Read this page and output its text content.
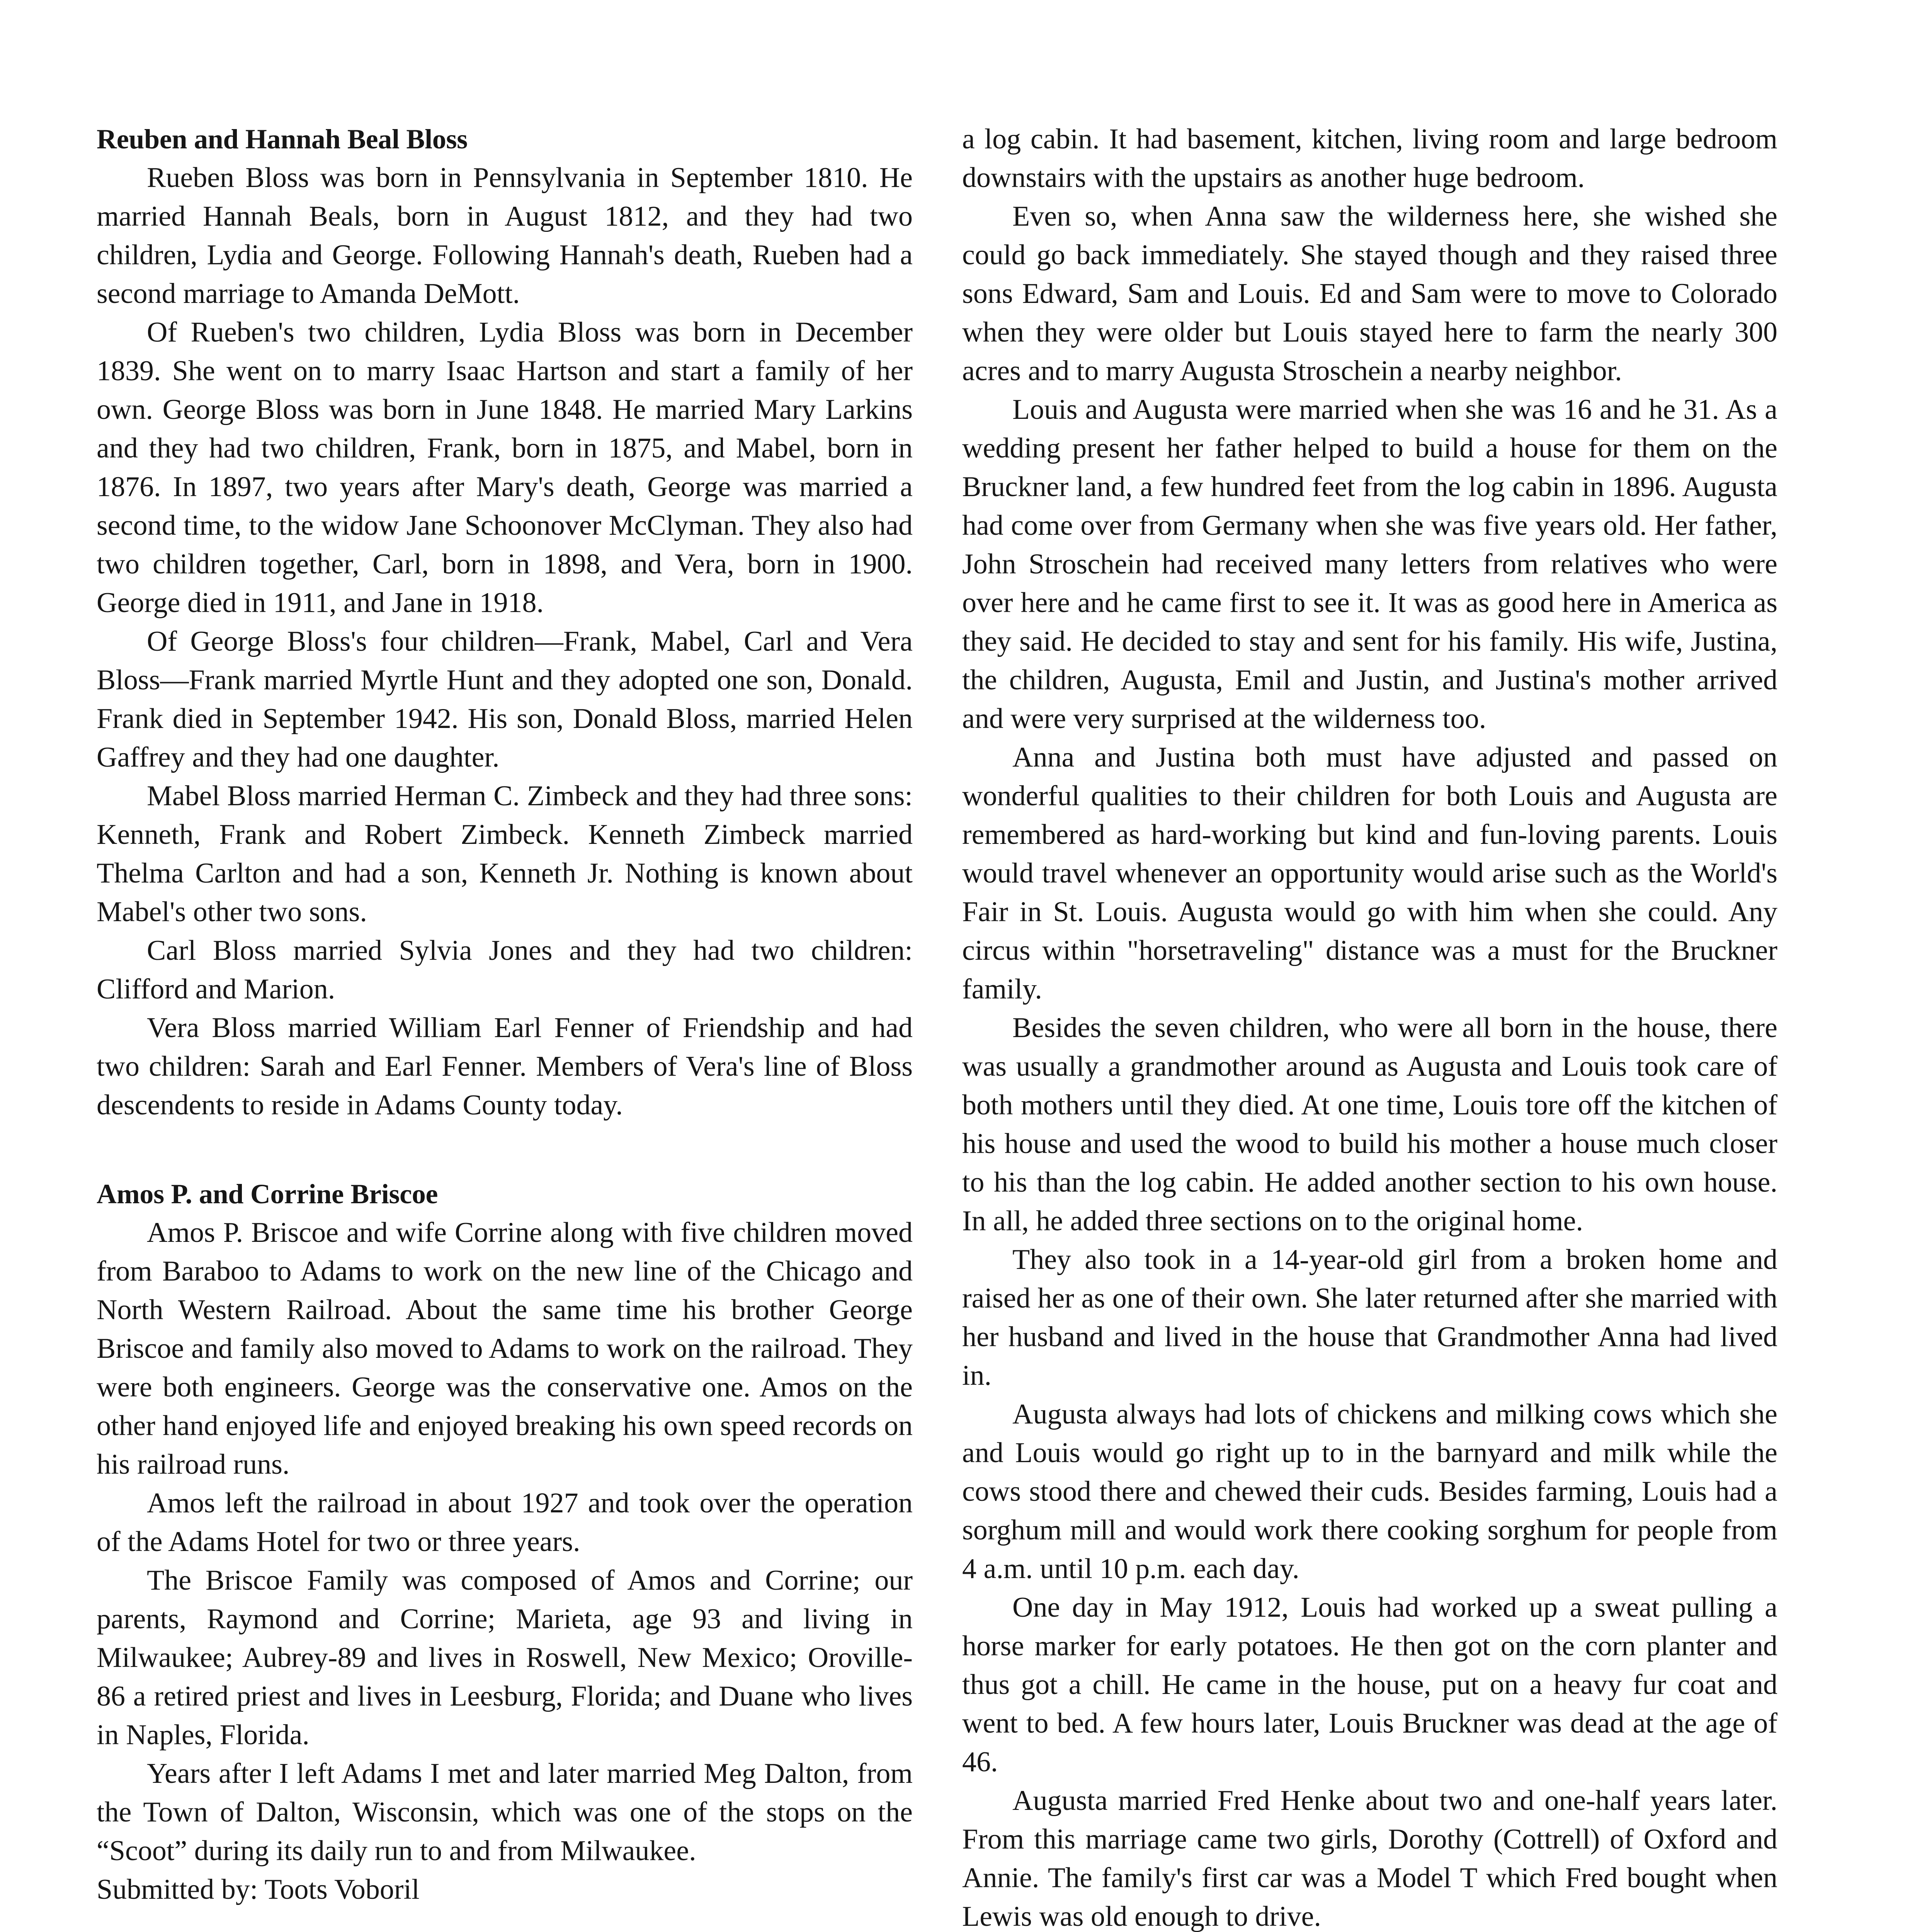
Reuben and Hannah Beal Bloss

Rueben Bloss was born in Pennsylvania in September 1810. He married Hannah Beals, born in August 1812, and they had two children, Lydia and George. Following Hannah's death, Rueben had a second marriage to Amanda DeMott.

Of Rueben's two children, Lydia Bloss was born in December 1839. She went on to marry Isaac Hartson and start a family of her own. George Bloss was born in June 1848. He married Mary Larkins and they had two children, Frank, born in 1875, and Mabel, born in 1876. In 1897, two years after Mary's death, George was married a second time, to the widow Jane Schoonover McClyman. They also had two children together, Carl, born in 1898, and Vera, born in 1900. George died in 1911, and Jane in 1918.

Of George Bloss's four children—Frank, Mabel, Carl and Vera Bloss—Frank married Myrtle Hunt and they adopted one son, Donald. Frank died in September 1942. His son, Donald Bloss, married Helen Gaffrey and they had one daughter.

Mabel Bloss married Herman C. Zimbeck and they had three sons: Kenneth, Frank and Robert Zimbeck. Kenneth Zimbeck married Thelma Carlton and had a son, Kenneth Jr. Nothing is known about Mabel's other two sons.

Carl Bloss married Sylvia Jones and they had two children: Clifford and Marion.

Vera Bloss married William Earl Fenner of Friendship and had two children: Sarah and Earl Fenner. Members of Vera's line of Bloss descendents to reside in Adams County today.

Amos P. and Corrine Briscoe

Amos P. Briscoe and wife Corrine along with five children moved from Baraboo to Adams to work on the new line of the Chicago and North Western Railroad. About the same time his brother George Briscoe and family also moved to Adams to work on the railroad. They were both engineers. George was the conservative one. Amos on the other hand enjoyed life and enjoyed breaking his own speed records on his railroad runs.

Amos left the railroad in about 1927 and took over the operation of the Adams Hotel for two or three years.

The Briscoe Family was composed of Amos and Corrine; our parents, Raymond and Corrine; Marieta, age 93 and living in Milwaukee; Aubrey-89 and lives in Roswell, New Mexico; Oroville-86 a retired priest and lives in Leesburg, Florida; and Duane who lives in Naples, Florida.

Years after I left Adams I met and later married Meg Dalton, from the Town of Dalton, Wisconsin, which was one of the stops on the “Scoot” during its daily run to and from Milwaukee.

Submitted by: Toots Voboril

a log cabin. It had basement, kitchen, living room and large bedroom downstairs with the upstairs as another huge bedroom.

Even so, when Anna saw the wilderness here, she wished she could go back immediately. She stayed though and they raised three sons Edward, Sam and Louis. Ed and Sam were to move to Colorado when they were older but Louis stayed here to farm the nearly 300 acres and to marry Augusta Stroschein a nearby neighbor.

Louis and Augusta were married when she was 16 and he 31. As a wedding present her father helped to build a house for them on the Bruckner land, a few hundred feet from the log cabin in 1896. Augusta had come over from Germany when she was five years old. Her father, John Stroschein had received many letters from relatives who were over here and he came first to see it. It was as good here in America as they said. He decided to stay and sent for his family. His wife, Justina, the children, Augusta, Emil and Justin, and Justina's mother arrived and were very surprised at the wilderness too.

Anna and Justina both must have adjusted and passed on wonderful qualities to their children for both Louis and Augusta are remembered as hard-working but kind and fun-loving parents. Louis would travel whenever an opportunity would arise such as the World's Fair in St. Louis. Augusta would go with him when she could. Any circus within "horsetraveling" distance was a must for the Bruckner family.

Besides the seven children, who were all born in the house, there was usually a grandmother around as Augusta and Louis took care of both mothers until they died. At one time, Louis tore off the kitchen of his house and used the wood to build his mother a house much closer to his than the log cabin. He added another section to his own house. In all, he added three sections on to the original home.

They also took in a 14-year-old girl from a broken home and raised her as one of their own. She later returned after she married with her husband and lived in the house that Grandmother Anna had lived in.

Augusta always had lots of chickens and milking cows which she and Louis would go right up to in the barnyard and milk while the cows stood there and chewed their cuds. Besides farming, Louis had a sorghum mill and would work there cooking sorghum for people from 4 a.m. until 10 p.m. each day.

One day in May 1912, Louis had worked up a sweat pulling a horse marker for early potatoes. He then got on the corn planter and thus got a chill. He came in the house, put on a heavy fur coat and went to bed. A few hours later, Louis Bruckner was dead at the age of 46.

Augusta married Fred Henke about two and one-half years later. From this marriage came two girls, Dorothy (Cottrell) of Oxford and Annie. The family's first car was a Model T which Fred bought when Lewis was old enough to drive.
